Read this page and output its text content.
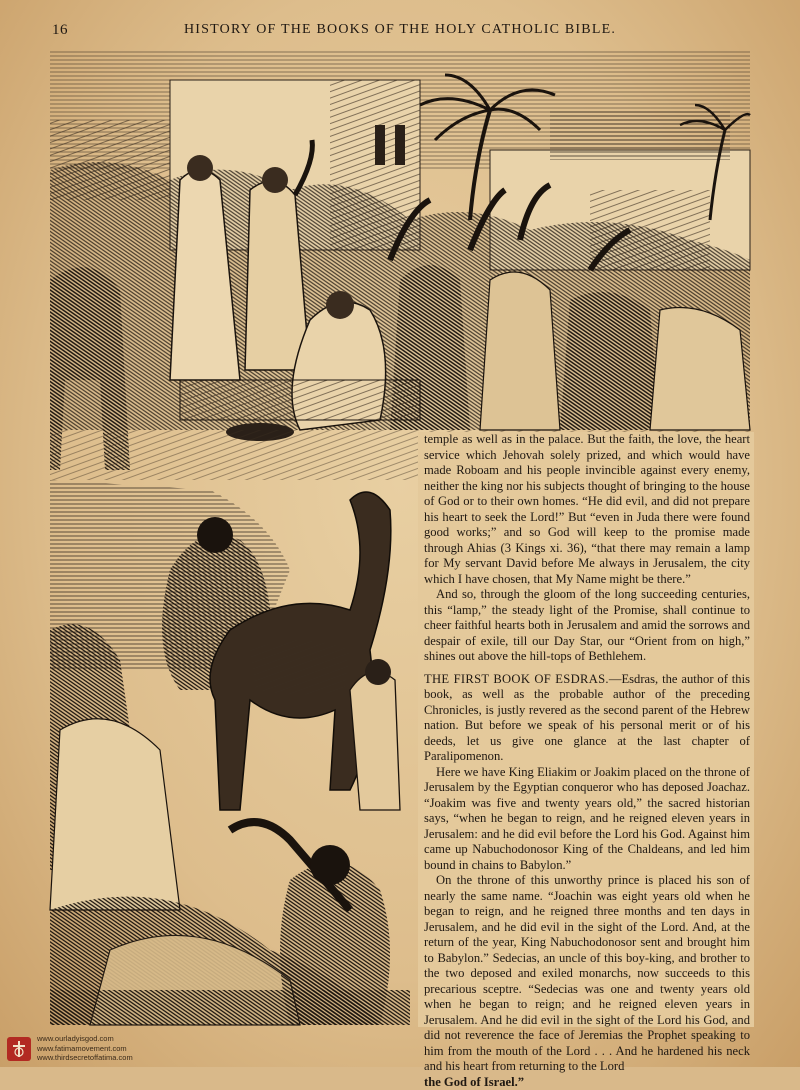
16	HISTORY OF THE BOOKS OF THE HOLY CATHOLIC BIBLE.

temple as well as in the palace. But the faith, the love, the heart service which Jehovah solely prized, and which would have made Roboam and his people invincible against every enemy, neither the king nor his subjects thought of bringing to the house of God or to their own homes. “He did evil, and did not prepare his heart to seek the Lord!” But “even in Juda there were found good works;” and so God will keep to the promise made through Ahias (3 Kings xi. 36), “that there may remain a lamp for My servant David before Me always in Jerusalem, the city which I have chosen, that My Name might be there.”

And so, through the gloom of the long succeeding centuries, this “lamp,” the steady light of the Promise, shall continue to cheer faithful hearts both in Jerusalem and amid the sorrows and despair of exile, till our Day Star, our “Orient from on high,” shines out above the hill-tops of Bethlehem.

THE FIRST BOOK OF ESDRAS.—Esdras, the author of this book, as well as the probable author of the preceding Chronicles, is justly revered as the second parent of the Hebrew nation. But before we speak of his personal merit or of his deeds, let us give one glance at the last chapter of Paralipomenon.

Here we have King Eliakim or Joakim placed on the throne of Jerusalem by the Egyptian conqueror who has deposed Joachaz. “Joakim was five and twenty years old,” the sacred historian says, “when he began to reign, and he reigned eleven years in Jerusalem: and he did evil before the Lord his God. Against him came up Nabuchodonosor King of the Chaldeans, and led him bound in chains to Babylon.”

On the throne of this unworthy prince is placed his son of nearly the same name. “Joachin was eight years old when he began to reign, and he reigned three months and ten days in Jerusalem, and he did evil in the sight of the Lord. And, at the return of the year, King Nabuchodonosor sent and brought him to Babylon.” Sedecias, an uncle of this boy-king, and brother to the two deposed and exiled monarchs, now succeeds to this precarious sceptre. “Sedecias was one and twenty years old when he began to reign; and he reigned eleven years in Jerusalem. And he did evil in the sight of the Lord his God, and did not reverence the face of Jeremias the Prophet speaking to him from the mouth of the Lord . . . And he hardened his neck and his heart from returning to the Lord

the God of Israel.”

www.ourladyisgod.com
www.fatimamovement.com
www.thirdsecretoffatima.com
